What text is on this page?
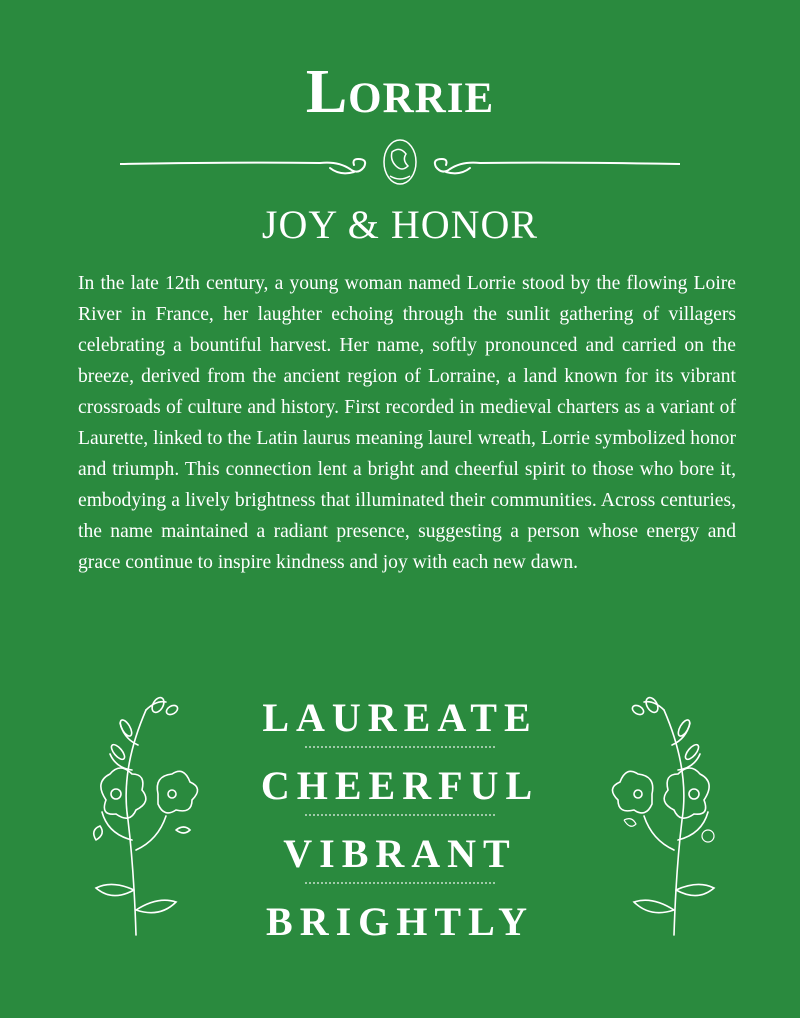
Lorrie
JOY & HONOR

In the late 12th century, a young woman named Lorrie stood by the flowing Loire River in France, her laughter echoing through the sunlit gathering of villagers celebrating a bountiful harvest. Her name, softly pronounced and carried on the breeze, derived from the ancient region of Lorraine, a land known for its vibrant crossroads of culture and history. First recorded in medieval charters as a variant of Laurette, linked to the Latin laurus meaning laurel wreath, Lorrie symbolized honor and triumph. This connection lent a bright and cheerful spirit to those who bore it, embodying a lively brightness that illuminated their communities. Across centuries, the name maintained a radiant presence, suggesting a person whose energy and grace continue to inspire kindness and joy with each new dawn.

LAUREATE
CHEERFUL
VIBRANT
BRIGHTLY
